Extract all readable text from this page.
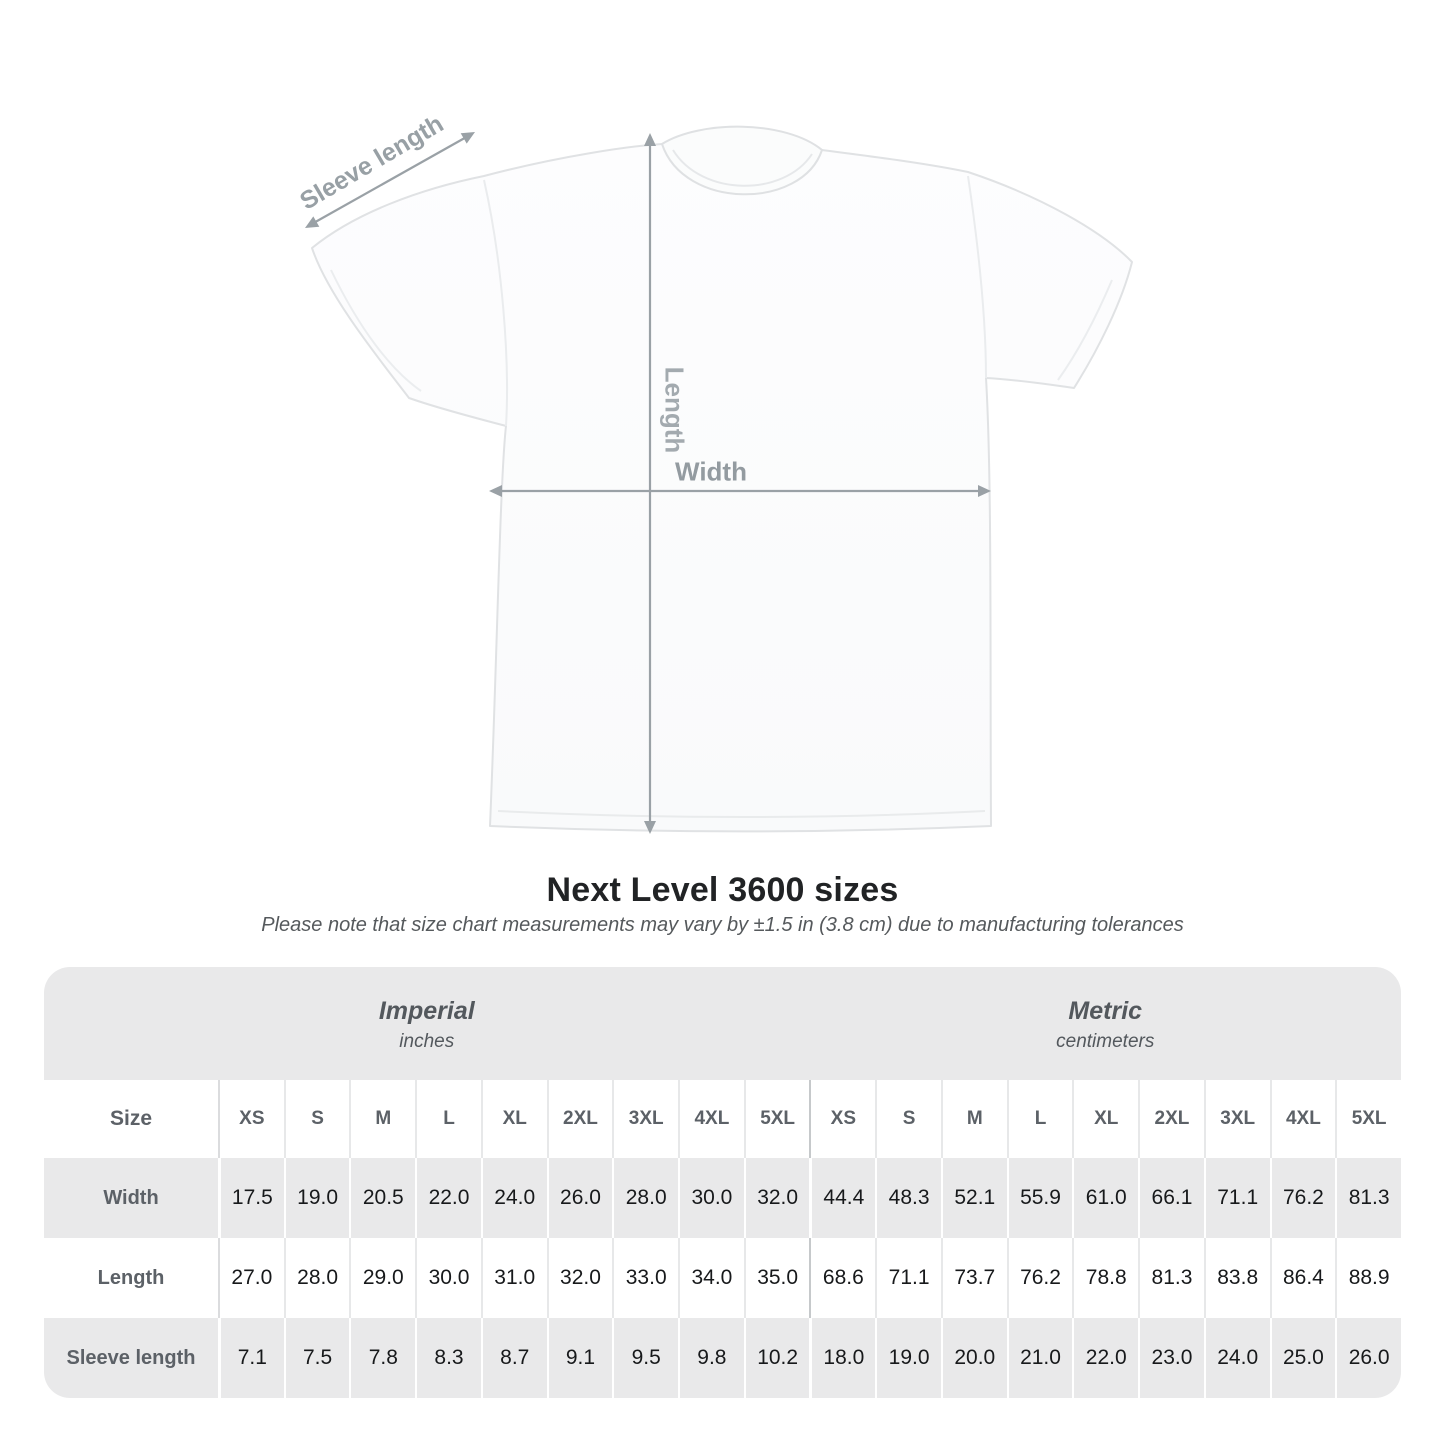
Sleeve length
Length
Width
Next Level 3600 sizes
Please note that size chart measurements may vary by ±1.5 in (3.8 cm) due to manufacturing tolerances
Imperial
inches
Metric
centimeters
Size	XS S	M	L	XL 2XL 3XL 4XL 5XL XS S	M	L	XL 2XL 3XL 4XL 5XL
Width	17.5 19.0 20.5 22.0 24.0 26.0 28.0 30.0 32.0 44.4 48.3 52.1 55.9 61.0 66.1 71.1 76.2 81.3
Length	27.0 28.0 29.0 30.0 31.0 32.0 33.0 34.0 35.0 68.6 71.1 73.7 76.2 78.8 81.3 83.8 86.4 88.9
Sleeve length 7.1 7.5 7.8 8.3 8.7 9.1 9.5 9.8 10.2 18.0 19.0 20.0 21.0 22.0 23.0 24.0 25.0 26.0
